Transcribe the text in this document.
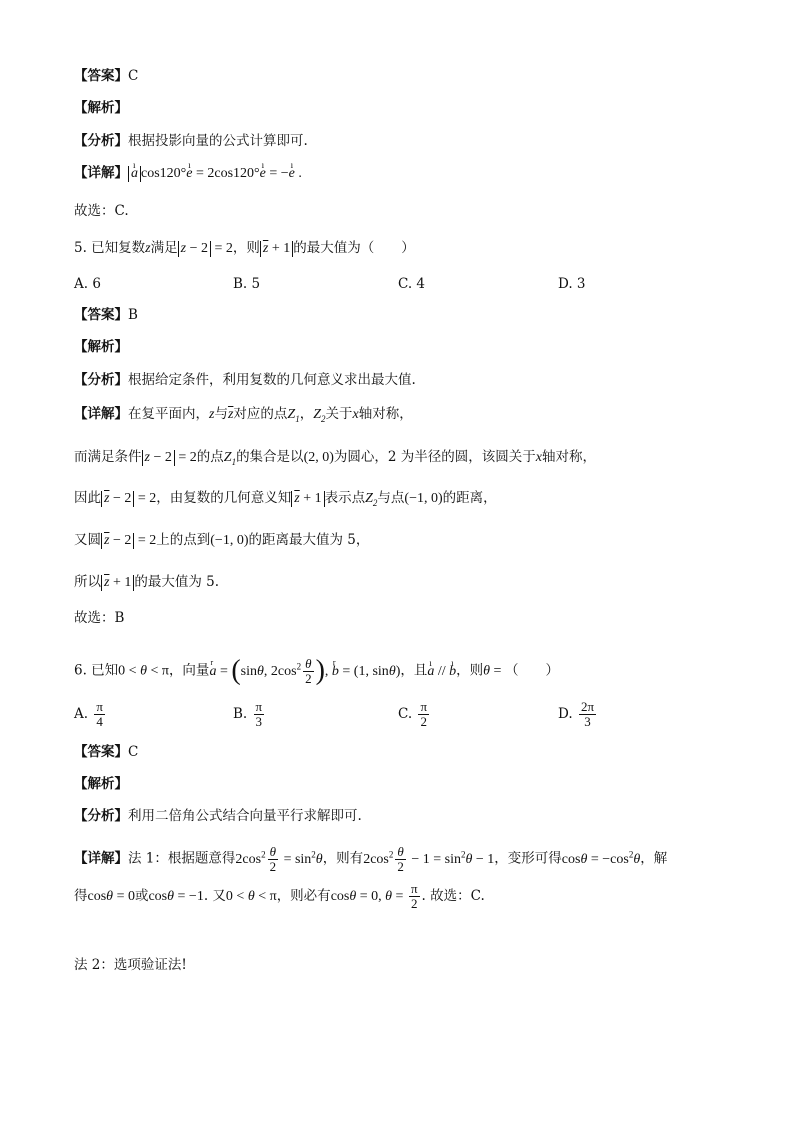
【答案】C
【解析】
【分析】根据投影向量的公式计算即可.
【详解】 ı a cos120°ı e = 2cos120°ı e = −ı e .
故选：C.
5. 已知复数z满足 z − 2 = 2，则 $\overline{z} + 1$ 的最大值为（　　）
A. 6	B. 5	C. 4	D. 3
【答案】B
【解析】
【分析】根据给定条件，利用复数的几何意义求出最大值.
【详解】在复平面内，z与$\overline{z}$对应的点$Z_1$，$Z_2$关于x轴对称，
而满足条件 z − 2 = 2的点$Z_1$的集合是以(2, 0)为圆心，2 为半径的圆，该圆关于x轴对称，
因此 $\overline{z} - 2 = 2$，由复数的几何意义知 $\overline{z} + 1$ 表示点$Z_2$与点(−1, 0)的距离，
又圆 $\overline{z} - 2 = 2$上的点到(−1, 0)的距离最大值为 5，
所以 $\overline{z} + 1$ 的最大值为 5.
故选：B
6. 已知0 < θ < π，向量r a = (sinθ, $2\cos^2 \frac{\theta}{2}$ ), r b = (1, sinθ)，且ı a // ı b，则θ = （　　）
A. $\frac{\pi}{4}$	B. $\frac{\pi}{3}$	C. $\frac{\pi}{2}$	D. $\frac{2\pi}{3}$
【答案】C
【解析】
【分析】利用二倍角公式结合向量平行求解即可.
【详解】法 1：根据题意得$2\cos^2 \frac{\theta}{2} = \sin^2\theta$，则有$2\cos^2 \frac{\theta}{2} - 1 = \sin^2\theta - 1$，变形可得$\cos\theta = -\cos^2\theta$，解
得cosθ = 0或cosθ = −1. 又0 < θ < π，则必有cosθ = 0, $\theta = \frac{\pi}{2}$ . 故选：C.
法 2：选项验证法!
